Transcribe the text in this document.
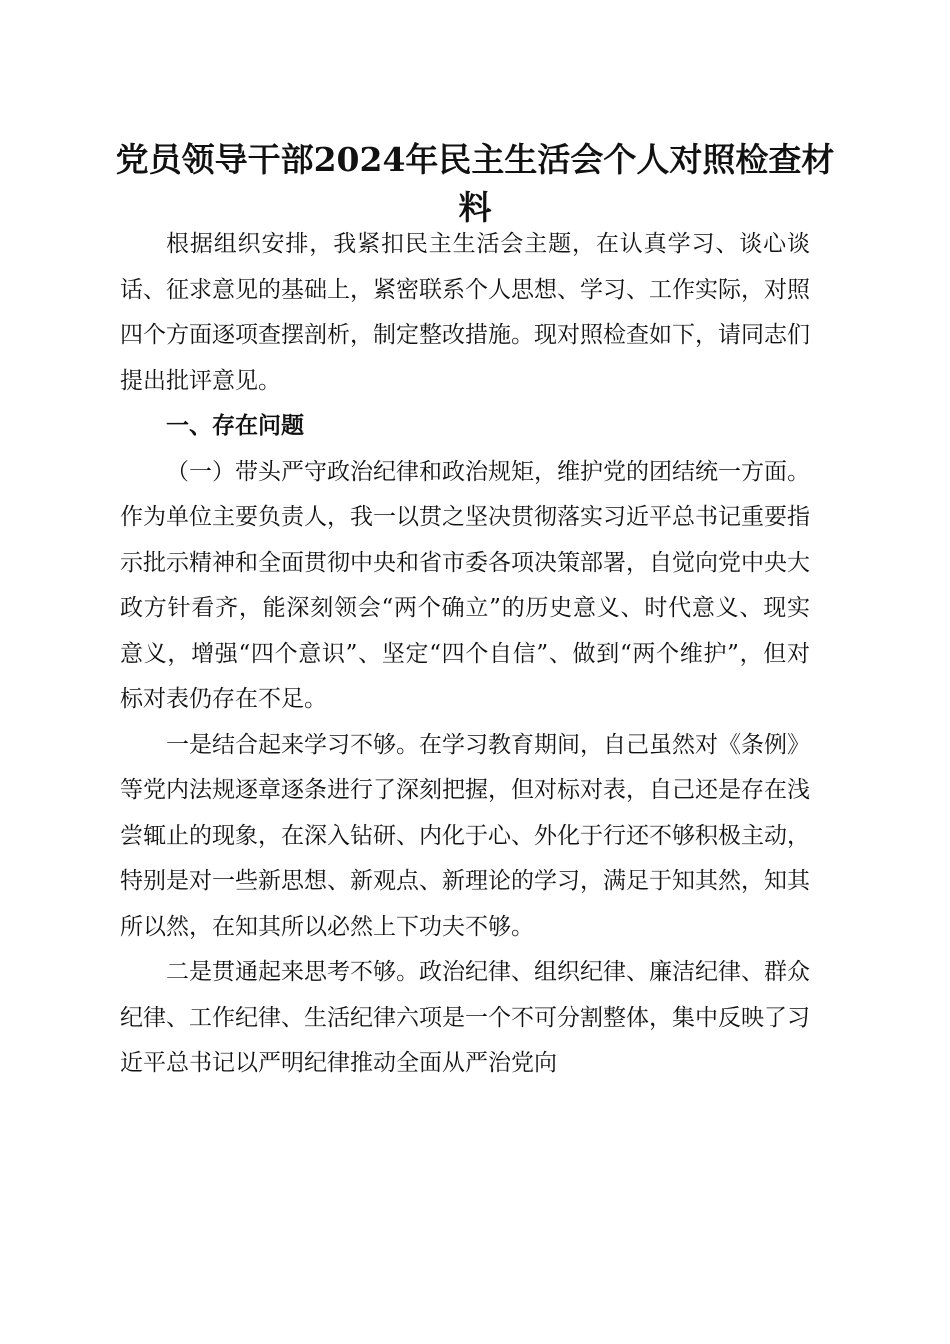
党员领导干部2024年民主生活会个人对照检查材料

根据组织安排，我紧扣民主生活会主题，在认真学习、谈心谈话、征求意见的基础上，紧密联系个人思想、学习、工作实际，对照四个方面逐项查摆剖析，制定整改措施。现对照检查如下，请同志们提出批评意见。

一、存在问题

（一）带头严守政治纪律和政治规矩，维护党的团结统一方面。作为单位主要负责人，我一以贯之坚决贯彻落实习近平总书记重要指示批示精神和全面贯彻中央和省市委各项决策部署，自觉向党中央大政方针看齐，能深刻领会“两个确立”的历史意义、时代意义、现实意义，增强“四个意识”、坚定“四个自信”、做到“两个维护”，但对标对表仍存在不足。

一是结合起来学习不够。在学习教育期间，自己虽然对《条例》等党内法规逐章逐条进行了深刻把握，但对标对表，自己还是存在浅尝辄止的现象，在深入钻研、内化于心、外化于行还不够积极主动，特别是对一些新思想、新观点、新理论的学习，满足于知其然，知其所以然，在知其所以必然上下功夫不够。

二是贯通起来思考不够。政治纪律、组织纪律、廉洁纪律、群众纪律、工作纪律、生活纪律六项是一个不可分割整体，集中反映了习近平总书记以严明纪律推动全面从严治党向
